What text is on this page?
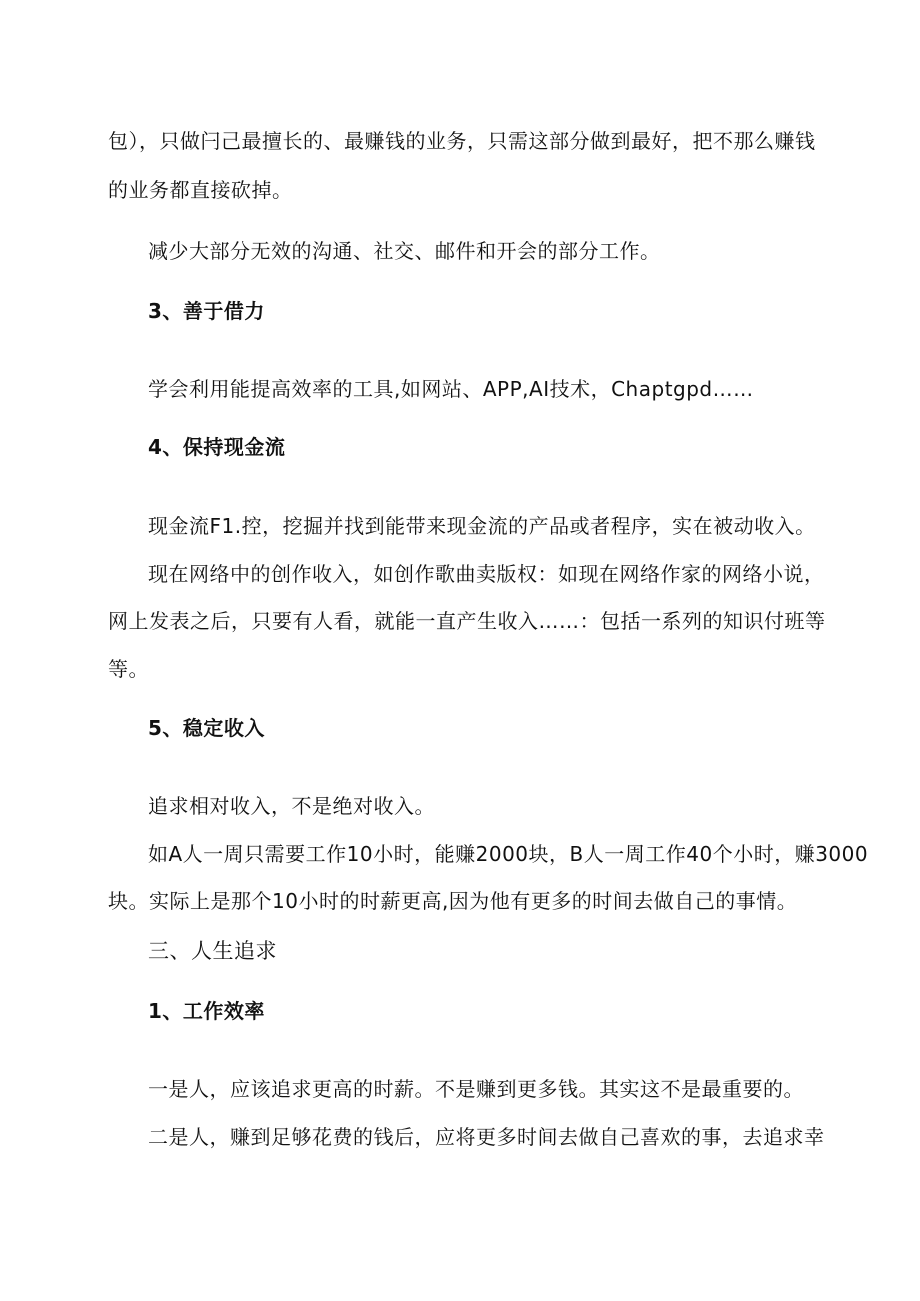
包），只做闩己最擅长的、最赚钱的业务，只需这部分做到最好，把不那么赚钱
的业务都直接砍掉。
减少大部分无效的沟通、社交、邮件和开会的部分工作。
3、善于借力
学会利用能提高效率的工具,如网站、APP,AI技术，Chaptgpd……
4、保持现金流
现金流F1.控，挖掘并找到能带来现金流的产品或者程序，实在被动收入。
现在网络中的创作收入，如创作歌曲卖版权：如现在网络作家的网络小说，
网上发表之后，只要有人看，就能一直产生收入……：包括一系列的知识付班等
等。
5、稳定收入
追求相对收入，不是绝对收入。
如A人一周只需要工作10小时，能赚2000块，B人一周工作40个小时，赚3000
块。实际上是那个10小时的时薪更高,因为他有更多的时间去做自己的事情。
三、人生追求
1、工作效率
一是人，应该追求更高的时薪。不是赚到更多钱。其实这不是最重要的。
二是人，赚到足够花费的钱后，应将更多时间去做自己喜欢的事，去追求幸
